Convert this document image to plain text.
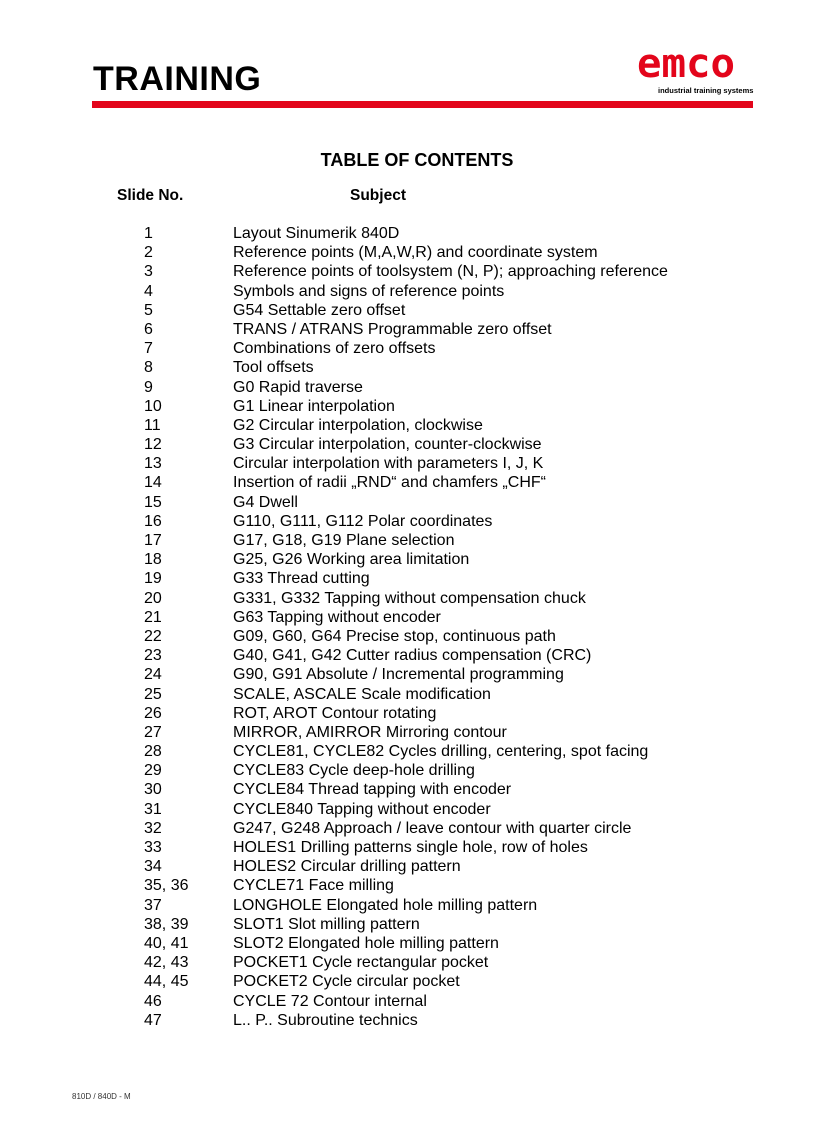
TRAINING	emco
industrial training systems
TABLE OF CONTENTS
Slide No.	Subject
1	Layout Sinumerik 840D
2	Reference points (M,A,W,R) and coordinate system
3	Reference points of toolsystem (N, P); approaching reference
4	Symbols and signs of reference points
5	G54 Settable zero offset
6	TRANS / ATRANS Programmable zero offset
7	Combinations of zero offsets
8	Tool offsets
9	G0 Rapid traverse
10	G1 Linear interpolation
11	G2 Circular interpolation, clockwise
12	G3 Circular interpolation, counter-clockwise
13	Circular interpolation with parameters I, J, K
14	Insertion of radii „RND“ and chamfers „CHF“
15	G4 Dwell
16	G110, G111, G112 Polar coordinates
17	G17, G18, G19 Plane selection
18	G25, G26 Working area limitation
19	G33 Thread cutting
20	G331, G332 Tapping without compensation chuck
21	G63 Tapping without encoder
22	G09, G60, G64 Precise stop, continuous path
23	G40, G41, G42 Cutter radius compensation (CRC)
24	G90, G91 Absolute / Incremental programming
25	SCALE, ASCALE Scale modification
26	ROT, AROT Contour rotating
27	MIRROR, AMIRROR Mirroring contour
28	CYCLE81, CYCLE82 Cycles drilling, centering, spot facing
29	CYCLE83 Cycle deep-hole drilling
30	CYCLE84 Thread tapping with encoder
31	CYCLE840 Tapping without encoder
32	G247, G248 Approach / leave contour with quarter circle
33	HOLES1 Drilling patterns single hole, row of holes
34	HOLES2 Circular drilling pattern
35, 36	CYCLE71 Face milling
37	LONGHOLE Elongated hole milling pattern
38, 39	SLOT1 Slot milling pattern
40, 41	SLOT2 Elongated hole milling pattern
42, 43	POCKET1 Cycle rectangular pocket
44, 45	POCKET2 Cycle circular pocket
46	CYCLE 72 Contour internal
47	L.. P.. Subroutine technics
810D / 840D - M
